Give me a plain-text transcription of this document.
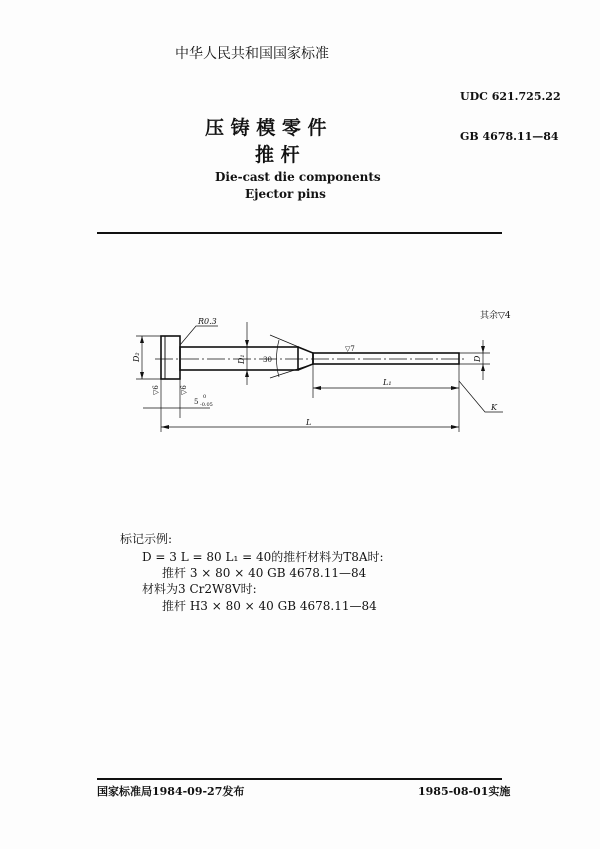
中华人民共和国国家标准
UDC 621.725.22
压 铸 模 零 件	GB 4678.11—84
推 杆
Die-cast die components
Ejector pins
其余▽4
R0.3
D₂	D₁ 30
▽7
D
L₁
L
K
▽6	▽6
5
0
-0.05
标记示例:
D = 3 L = 80 L₁ = 40的推杆材料为T8A时:
推杆 3 × 80 × 40 GB 4678.11—84
材料为3 Cr2W8V时:
推杆 H3 × 80 × 40 GB 4678.11—84
国家标准局1984-09-27发布	1985-08-01实施
